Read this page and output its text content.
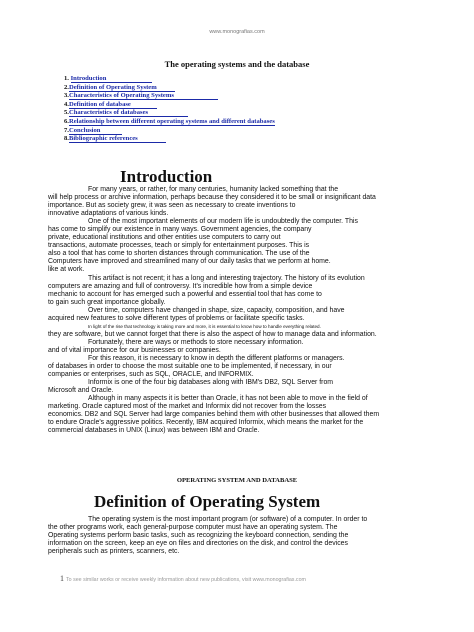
www.monografias.com
The operating systems and the database
1. Introduction
2.Definition of Operating System
3.Characteristics of Operating Systems
4.Definition of database
5.Characteristics of databases
6.Relationship between different operating systems and different databases
7.Conclusion
8.Bibliographic references
Introduction

For many years, or rather, for many centuries, humanity lacked something that the
will help process or archive information, perhaps because they considered it to be small or insignificant data
importance. But as society grew, it was seen as necessary to create inventions to
innovative adaptations of various kinds.

One of the most important elements of our modern life is undoubtedly the computer. This
has come to simplify our existence in many ways. Government agencies, the company
private, educational institutions and other entities use computers to carry out
transactions, automate processes, teach or simply for entertainment purposes. This is
also a tool that has come to shorten distances through communication. The use of the
Computers have improved and streamlined many of our daily tasks that we perform at home.
like at work.

This artifact is not recent; it has a long and interesting trajectory. The history of its evolution
computers are amazing and full of controversy. It's incredible how from a simple device
mechanic to account for has emerged such a powerful and essential tool that has come to
to gain such great importance globally.

Over time, computers have changed in shape, size, capacity, composition, and have
acquired new features to solve different types of problems or facilitate specific tasks.
In light of the rise that technology is taking more and more, it is essential to know how to handle everything related.
they are software, but we cannot forget that there is also the aspect of how to manage data and information.

Fortunately, there are ways or methods to store necessary information.
and of vital importance for our businesses or companies.

For this reason, it is necessary to know in depth the different platforms or managers.
of databases in order to choose the most suitable one to be implemented, if necessary, in our
companies or enterprises, such as SQL, ORACLE, and INFORMIX.

Informix is one of the four big databases along with IBM's DB2, SQL Server from
Microsoft and Oracle.

Although in many aspects it is better than Oracle, it has not been able to move in the field of
marketing. Oracle captured most of the market and Informix did not recover from the losses
economics. DB2 and SQL Server had large companies behind them with other businesses that allowed them
to endure Oracle's aggressive politics. Recently, IBM acquired Informix, which means the market for the
commercial databases in UNIX (Linux) was between IBM and Oracle.

OPERATING SYSTEM AND DATABASE
Definition of Operating System
The operating system is the most important program (or software) of a computer. In order to
the other programs work, each general-purpose computer must have an operating system. The
Operating systems perform basic tasks, such as recognizing the keyboard connection, sending the
information on the screen, keep an eye on files and directories on the disk, and control the devices
peripherals such as printers, scanners, etc.
1 To see similar works or receive weekly information about new publications, visit www.monografias.com
